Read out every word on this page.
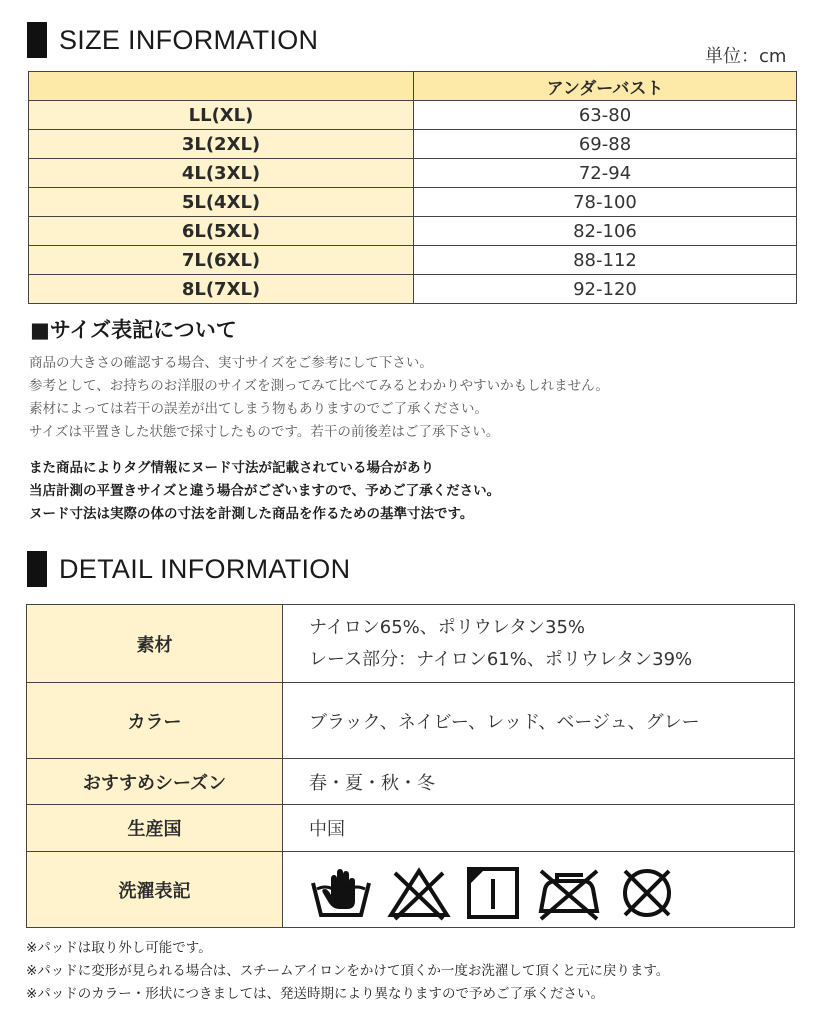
SIZE INFORMATION
単位：cm
	アンダーバスト
LL(XL)	63-80
3L(2XL)	69-88
4L(3XL)	72-94
5L(4XL)	78-100
6L(5XL)	82-106
7L(6XL)	88-112
8L(7XL)	92-120
■サイズ表記について
商品の大きさの確認する場合、実寸サイズをご参考にして下さい。
参考として、お持ちのお洋服のサイズを測ってみて比べてみるとわかりやすいかもしれません。
素材によっては若干の誤差が出てしまう物もありますのでご了承ください。
サイズは平置きした状態で採寸したものです。若干の前後差はご了承下さい。
また商品によりタグ情報にヌード寸法が記載されている場合があり
当店計測の平置きサイズと違う場合がございますので、予めご了承ください。
ヌード寸法は実際の体の寸法を計測した商品を作るための基準寸法です。
DETAIL INFORMATION
素材	ナイロン65%、ポリウレタン35%
レース部分：ナイロン61%、ポリウレタン39%

カラー	ブラック、ネイビー、レッド、ベージュ、グレー
おすすめシーズン	春・夏・秋・冬
生産国	中国
洗濯表記	
※パッドは取り外し可能です。
※パッドに変形が見られる場合は、スチームアイロンをかけて頂くか一度お洗濯して頂くと元に戻ります。
※パッドのカラー・形状につきましては、発送時期により異なりますので予めご了承ください。
